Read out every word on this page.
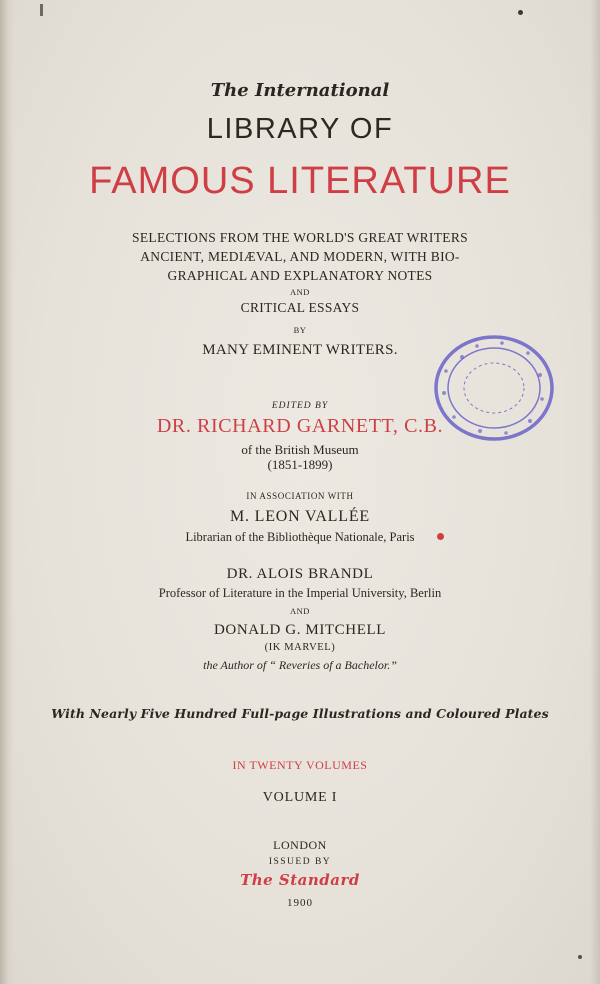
The International
LIBRARY OF
FAMOUS LITERATURE
SELECTIONS FROM THE WORLD'S GREAT WRITERS
ANCIENT, MEDIÆVAL, AND MODERN, WITH BIO-
GRAPHICAL AND EXPLANATORY NOTES
AND
CRITICAL ESSAYS
BY
MANY EMINENT WRITERS.
EDITED BY
DR. RICHARD GARNETT, C.B.
of the British Museum
(1851-1899)
IN ASSOCIATION WITH
M. LEON VALLÉE
Librarian of the Bibliothèque Nationale, Paris
DR. ALOIS BRANDL
Professor of Literature in the Imperial University, Berlin
AND
DONALD G. MITCHELL
(IK MARVEL)
the Author of “ Reveries of a Bachelor.”
With Nearly Five Hundred Full-page Illustrations and Coloured Plates
IN TWENTY VOLUMES
VOLUME I
LONDON
ISSUED BY
The Standard
1900
